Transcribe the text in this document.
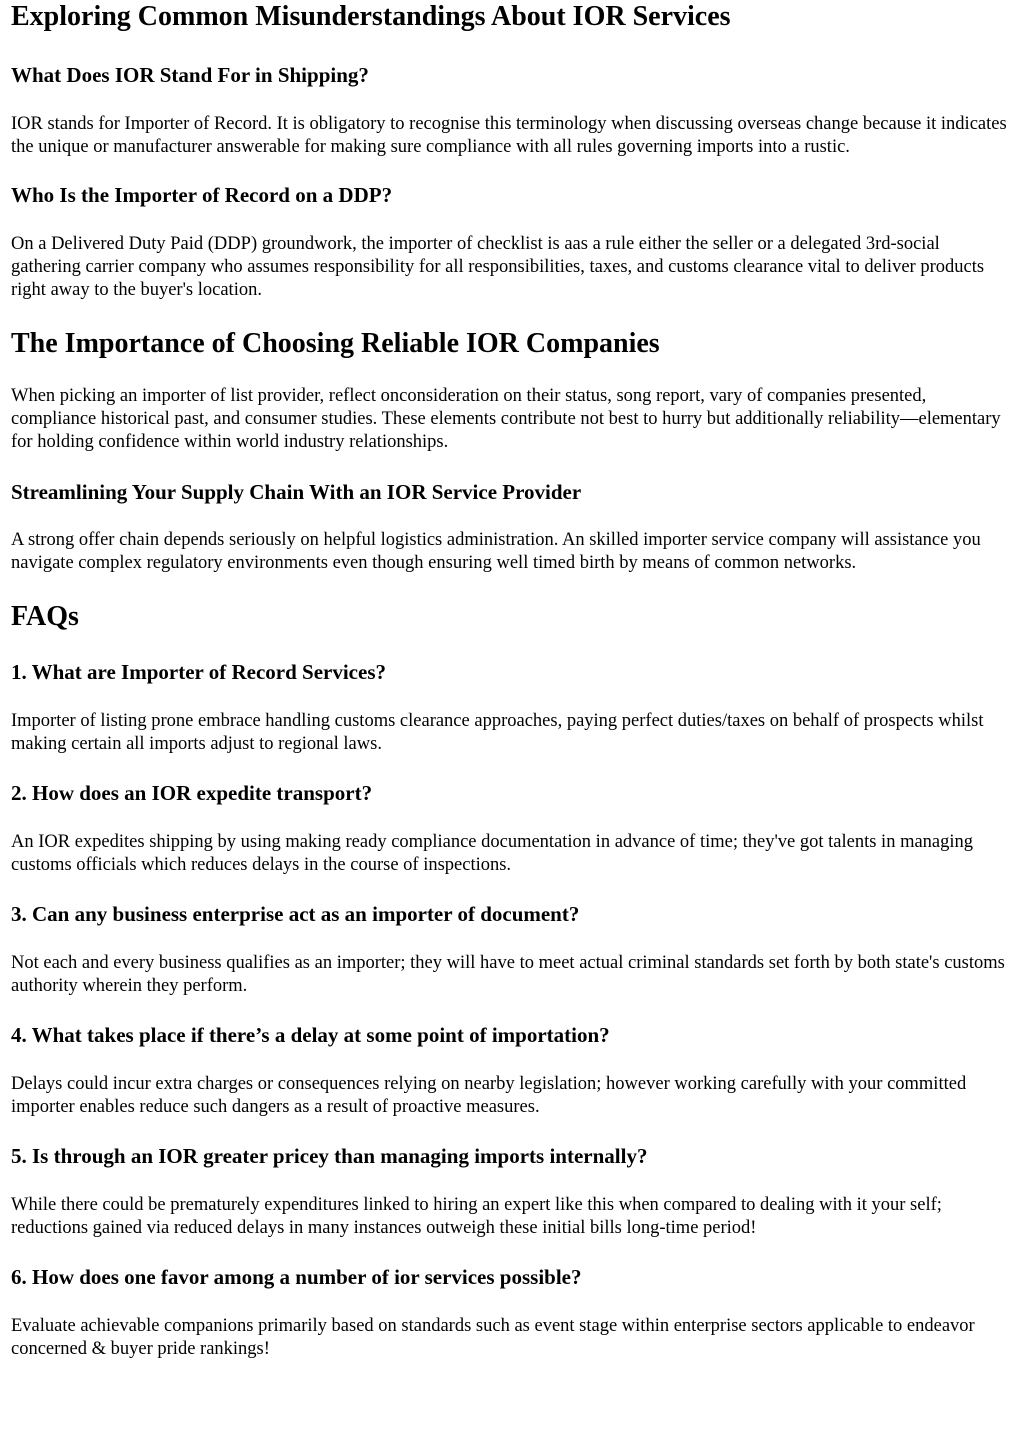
Exploring Common Misunderstandings About IOR Services
What Does IOR Stand For in Shipping?

IOR stands for Importer of Record. It is obligatory to recognise this terminology when discussing overseas change because it indicates the unique or manufacturer answerable for making sure compliance with all rules governing imports into a rustic.

Who Is the Importer of Record on a DDP?

On a Delivered Duty Paid (DDP) groundwork, the importer of checklist is aas a rule either the seller or a delegated 3rd-social gathering carrier company who assumes responsibility for all responsibilities, taxes, and customs clearance vital to deliver products right away to the buyer's location.

The Importance of Choosing Reliable IOR Companies

When picking an importer of list provider, reflect onconsideration on their status, song report, vary of companies presented, compliance historical past, and consumer studies. These elements contribute not best to hurry but additionally reliability—elementary for holding confidence within world industry relationships.

Streamlining Your Supply Chain With an IOR Service Provider

A strong offer chain depends seriously on helpful logistics administration. An skilled importer service company will assistance you navigate complex regulatory environments even though ensuring well timed birth by means of common networks.

FAQs
1. What are Importer of Record Services?

Importer of listing prone embrace handling customs clearance approaches, paying perfect duties/taxes on behalf of prospects whilst making certain all imports adjust to regional laws.

2. How does an IOR expedite transport?

An IOR expedites shipping by using making ready compliance documentation in advance of time; they've got talents in managing customs officials which reduces delays in the course of inspections.

3. Can any business enterprise act as an importer of document?

Not each and every business qualifies as an importer; they will have to meet actual criminal standards set forth by both state's customs authority wherein they perform.

4. What takes place if there’s a delay at some point of importation?

Delays could incur extra charges or consequences relying on nearby legislation; however working carefully with your committed importer enables reduce such dangers as a result of proactive measures.

5. Is through an IOR greater pricey than managing imports internally?

While there could be prematurely expenditures linked to hiring an expert like this when compared to dealing with it your self; reductions gained via reduced delays in many instances outweigh these initial bills long-time period!

6. How does one favor among a number of ior services possible?

Evaluate achievable companions primarily based on standards such as event stage within enterprise sectors applicable to endeavor concerned & buyer pride rankings!
